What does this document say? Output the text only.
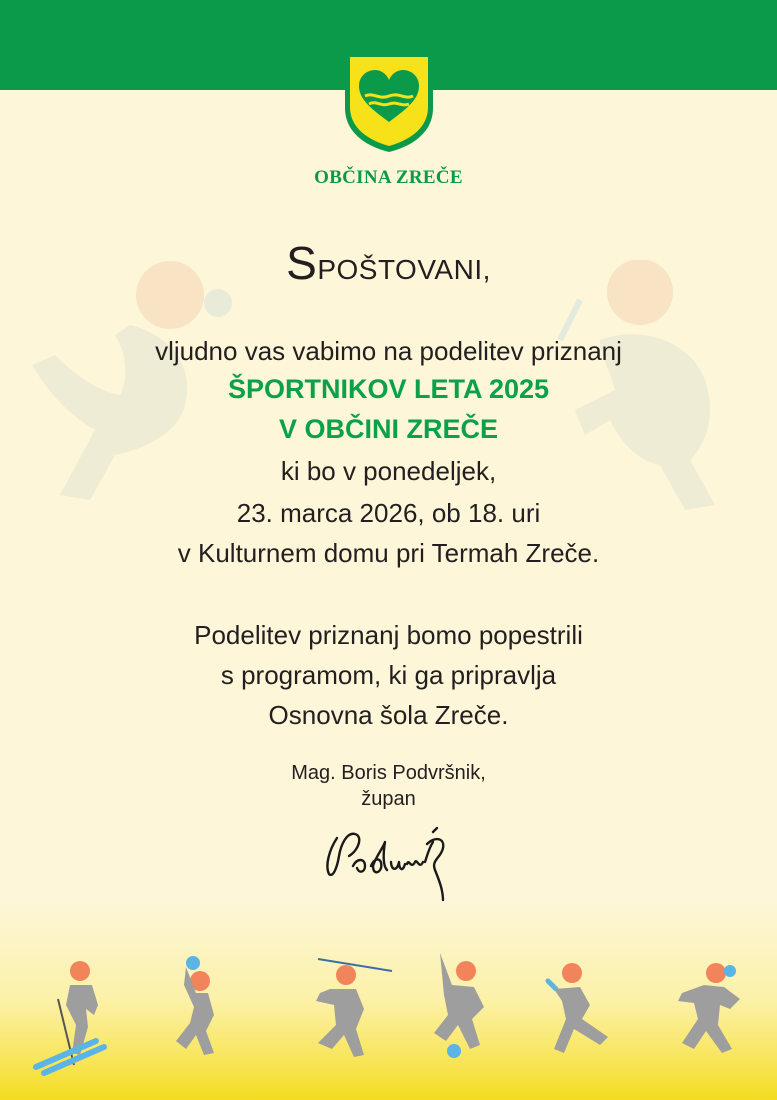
OBČINA ZREČE
SPOŠTOVANI,
vljudno vas vabimo na podelitev priznanj
ŠPORTNIKOV LETA 2025
V OBČINI ZREČE
ki bo v ponedeljek,
23. marca 2026, ob 18. uri
v Kulturnem domu pri Termah Zreče.
Podelitev priznanj bomo popestrili
s programom, ki ga pripravlja
Osnovna šola Zreče.
Mag. Boris Podvršnik,
župan
